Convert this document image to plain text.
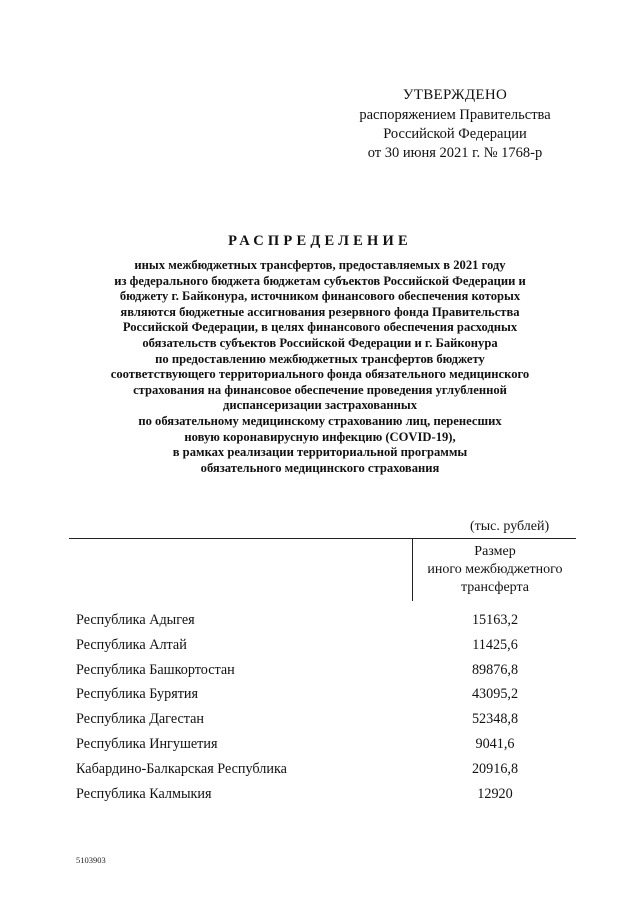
УТВЕРЖДЕНО
распоряжением Правительства
Российской Федерации
от 30 июня 2021 г. № 1768-р
РАСПРЕДЕЛЕНИЕ
иных межбюджетных трансфертов, предоставляемых в 2021 году
из федерального бюджета бюджетам субъектов Российской Федерации и
бюджету г. Байконура, источником финансового обеспечения которых
являются бюджетные ассигнования резервного фонда Правительства
Российской Федерации, в целях финансового обеспечения расходных
обязательств субъектов Российской Федерации и г. Байконура
по предоставлению межбюджетных трансфертов бюджету
соответствующего территориального фонда обязательного медицинского
страхования на финансовое обеспечение проведения углубленной
диспансеризации застрахованных
по обязательному медицинскому страхованию лиц, перенесших
новую коронавирусную инфекцию (COVID-19),
в рамках реализации территориальной программы
обязательного медицинского страхования
(тыс. рублей)
Размер
иного межбюджетного
трансферта
Республика Адыгея	15163,2
Республика Алтай	11425,6
Республика Башкортостан	89876,8
Республика Бурятия	43095,2
Республика Дагестан	52348,8
Республика Ингушетия	9041,6
Кабардино-Балкарская Республика	20916,8
Республика Калмыкия	12920
5103903
